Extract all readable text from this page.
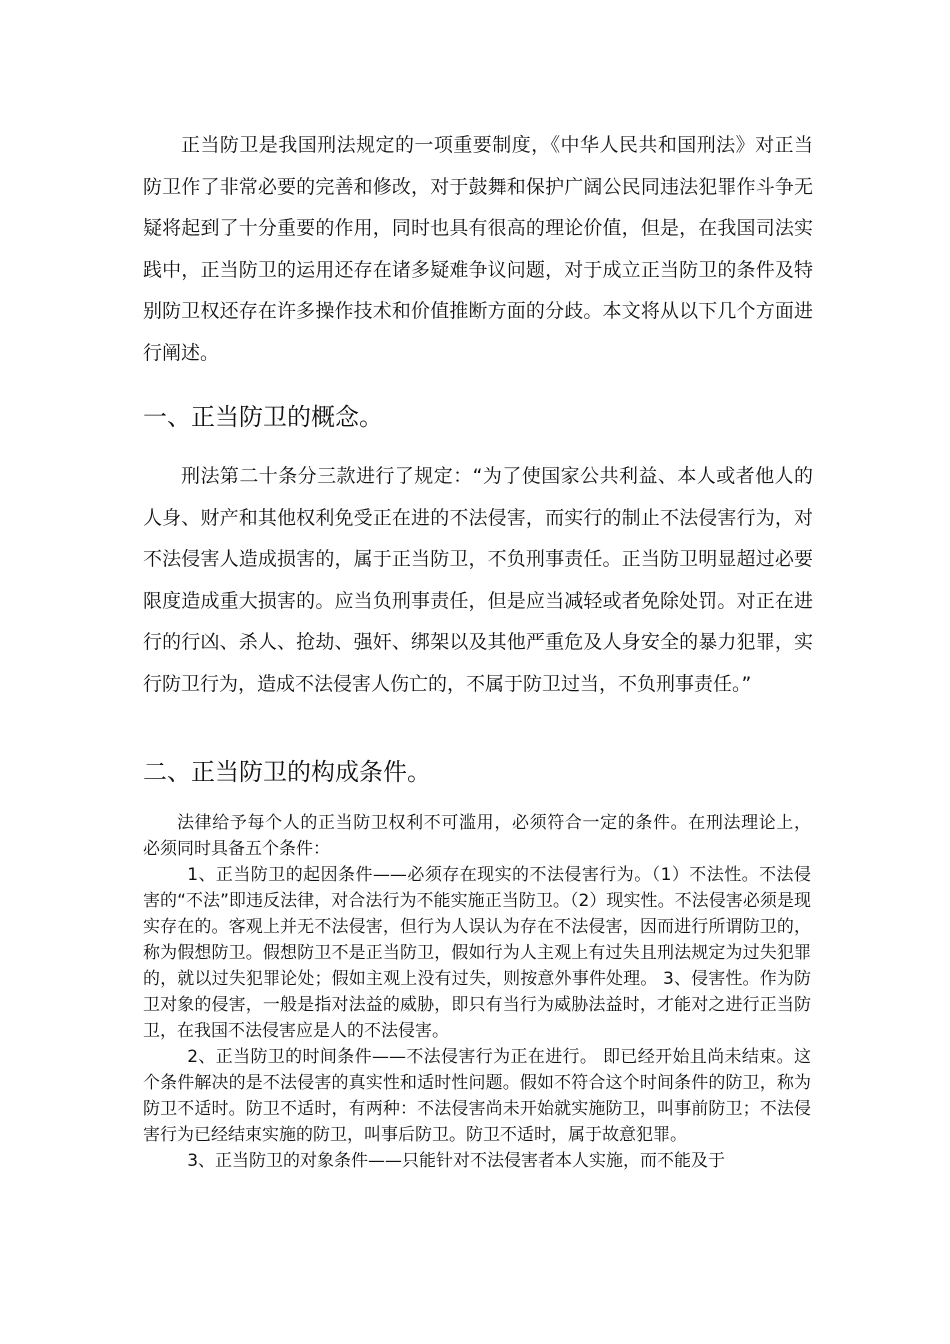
正当防卫是我国刑法规定的一项重要制度，《中华人民共和国刑法》对正当防卫作了非常必要的完善和修改，对于鼓舞和保护广阔公民同违法犯罪作斗争无疑将起到了十分重要的作用，同时也具有很高的理论价值，但是，在我国司法实践中，正当防卫的运用还存在诸多疑难争议问题，对于成立正当防卫的条件及特别防卫权还存在许多操作技术和价值推断方面的分歧。本文将从以下几个方面进行阐述。

一、正当防卫的概念。

刑法第二十条分三款进行了规定：“为了使国家公共利益、本人或者他人的人身、财产和其他权利免受正在进的不法侵害，而实行的制止不法侵害行为，对不法侵害人造成损害的，属于正当防卫，不负刑事责任。正当防卫明显超过必要限度造成重大损害的。应当负刑事责任，但是应当减轻或者免除处罚。对正在进行的行凶、杀人、抢劫、强奸、绑架以及其他严重危及人身安全的暴力犯罪，实行防卫行为，造成不法侵害人伤亡的，不属于防卫过当，不负刑事责任。”

二、正当防卫的构成条件。

法律给予每个人的正当防卫权利不可滥用，必须符合一定的条件。在刑法理论上， 必须同时具备五个条件：

1、正当防卫的起因条件——必须存在现实的不法侵害行为。（1）不法性。不法侵害的“不法”即违反法律，对合法行为不能实施正当防卫。（2）现实性。不法侵害必须是现实存在的。客观上并无不法侵害，但行为人误认为存在不法侵害，因而进行所谓防卫的，称为假想防卫。假想防卫不是正当防卫，假如行为人主观上有过失且刑法规定为过失犯罪的，就以过失犯罪论处；假如主观上没有过失，则按意外事件处理。 3、侵害性。作为防卫对象的侵害，一般是指对法益的威胁，即只有当行为威胁法益时，才能对之进行正当防卫，在我国不法侵害应是人的不法侵害。

2、正当防卫的时间条件——不法侵害行为正在进行。 即已经开始且尚未结束。这个条件解决的是不法侵害的真实性和适时性问题。假如不符合这个时间条件的防卫，称为防卫不适时。防卫不适时，有两种：不法侵害尚未开始就实施防卫，叫事前防卫；不法侵害行为已经结束实施的防卫，叫事后防卫。防卫不适时，属于故意犯罪。

3、正当防卫的对象条件——只能针对不法侵害者本人实施，而不能及于
